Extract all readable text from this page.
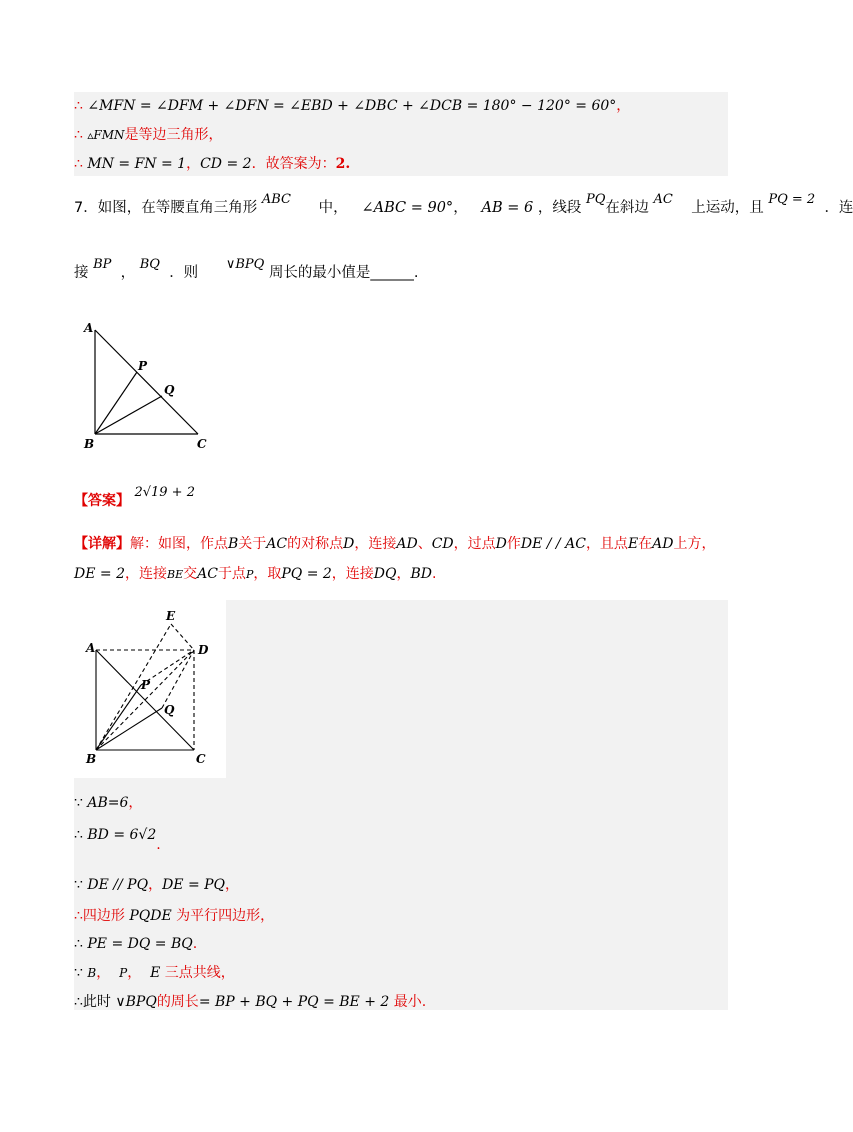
∴ ∠MFN = ∠DFM + ∠DFN = ∠EBD + ∠DBC + ∠DCB = 180° − 120° = 60°，
∴ ▵FMN是等边三角形，
∴ MN = FN = 1，CD = 2．故答案为：2.
7．如图，在等腰直角三角形 ABC      中， ∠ABC = 90°， AB = 6 ，线段 PQ在斜边 AC    上运动，且 PQ = 2  ．连
接 BP  ， BQ  ．则      ∨BPQ 周长的最小值是______.
A
B	C
P
Q
【答案】 2√19 + 2
【详解】解：如图，作点B关于AC的对称点D，连接AD、CD，过点D作DE / / AC，且点E在AD上方，
DE = 2，连接BE交AC于点P，取PQ = 2，连接DQ，BD.
E
A	D
P
Q
B	C
∵ AB=6，
∴ BD = 6√2.
∵ DE // PQ，DE = PQ，
∴四边形 PQDE 为平行四边形，
∴ PE = DQ = BQ.
∵ B， P， E 三点共线，
∴此时 ∨BPQ的周长= BP + BQ + PQ = BE + 2 最小.
